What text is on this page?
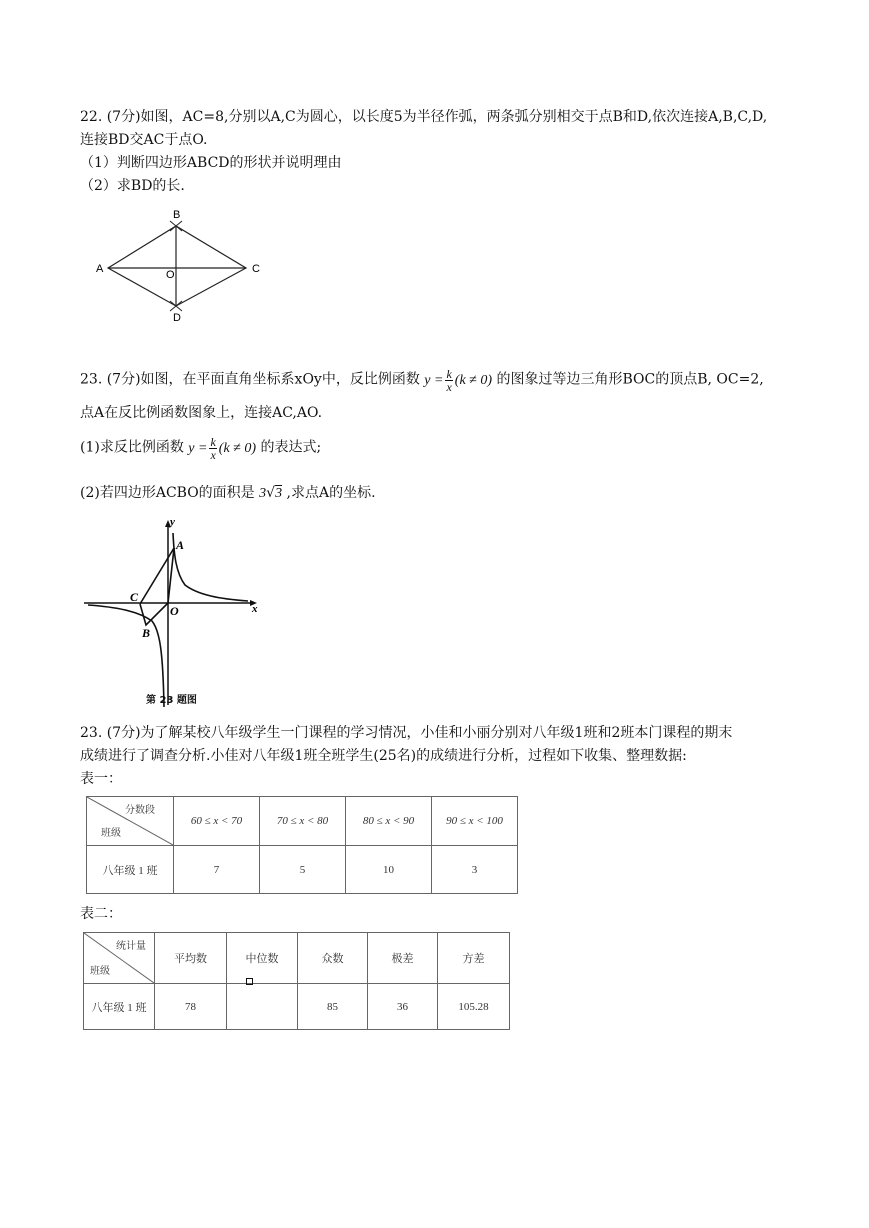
22. (7分)如图，AC=8,分别以A,C为圆心，以长度5为半径作弧，两条弧分别相交于点B和D,依次连接A,B,C,D,
连接BD交AC于点O.
（1）判断四边形ABCD的形状并说明理由
（2）求BD的长.
A
B
C
D
O
23. (7分)如图，在平面直角坐标系xOy中，反比例函数 $y = \frac{k}{x} (k \ne 0)$ 的图象过等边三角形BOC的顶点B, OC=2,
点A在反比例函数图象上，连接AC,AO.
(1)求反比例函数 $y = \frac{k}{x} (k \ne 0)$ 的表达式;
(2)若四边形ACBO的面积是 3√3 ,求点A的坐标.
y
x
A
C
O
B
第 23 题图
23. (7分)为了解某校八年级学生一门课程的学习情况，小佳和小丽分别对八年级1班和2班本门课程的期末
成绩进行了调查分析.小佳对八年级1班全班学生(25名)的成绩进行分析，过程如下收集、整理数据:
表一：
分数段
班级	60 ≤ x < 70	70 ≤ x < 80	80 ≤ x < 90	90 ≤ x < 100
八年级 1 班	7	5	10	3
表二：
统计量
班级	平均数	中位数	众数	极差	方差
八年级 1 班	78		85	36	105.28
